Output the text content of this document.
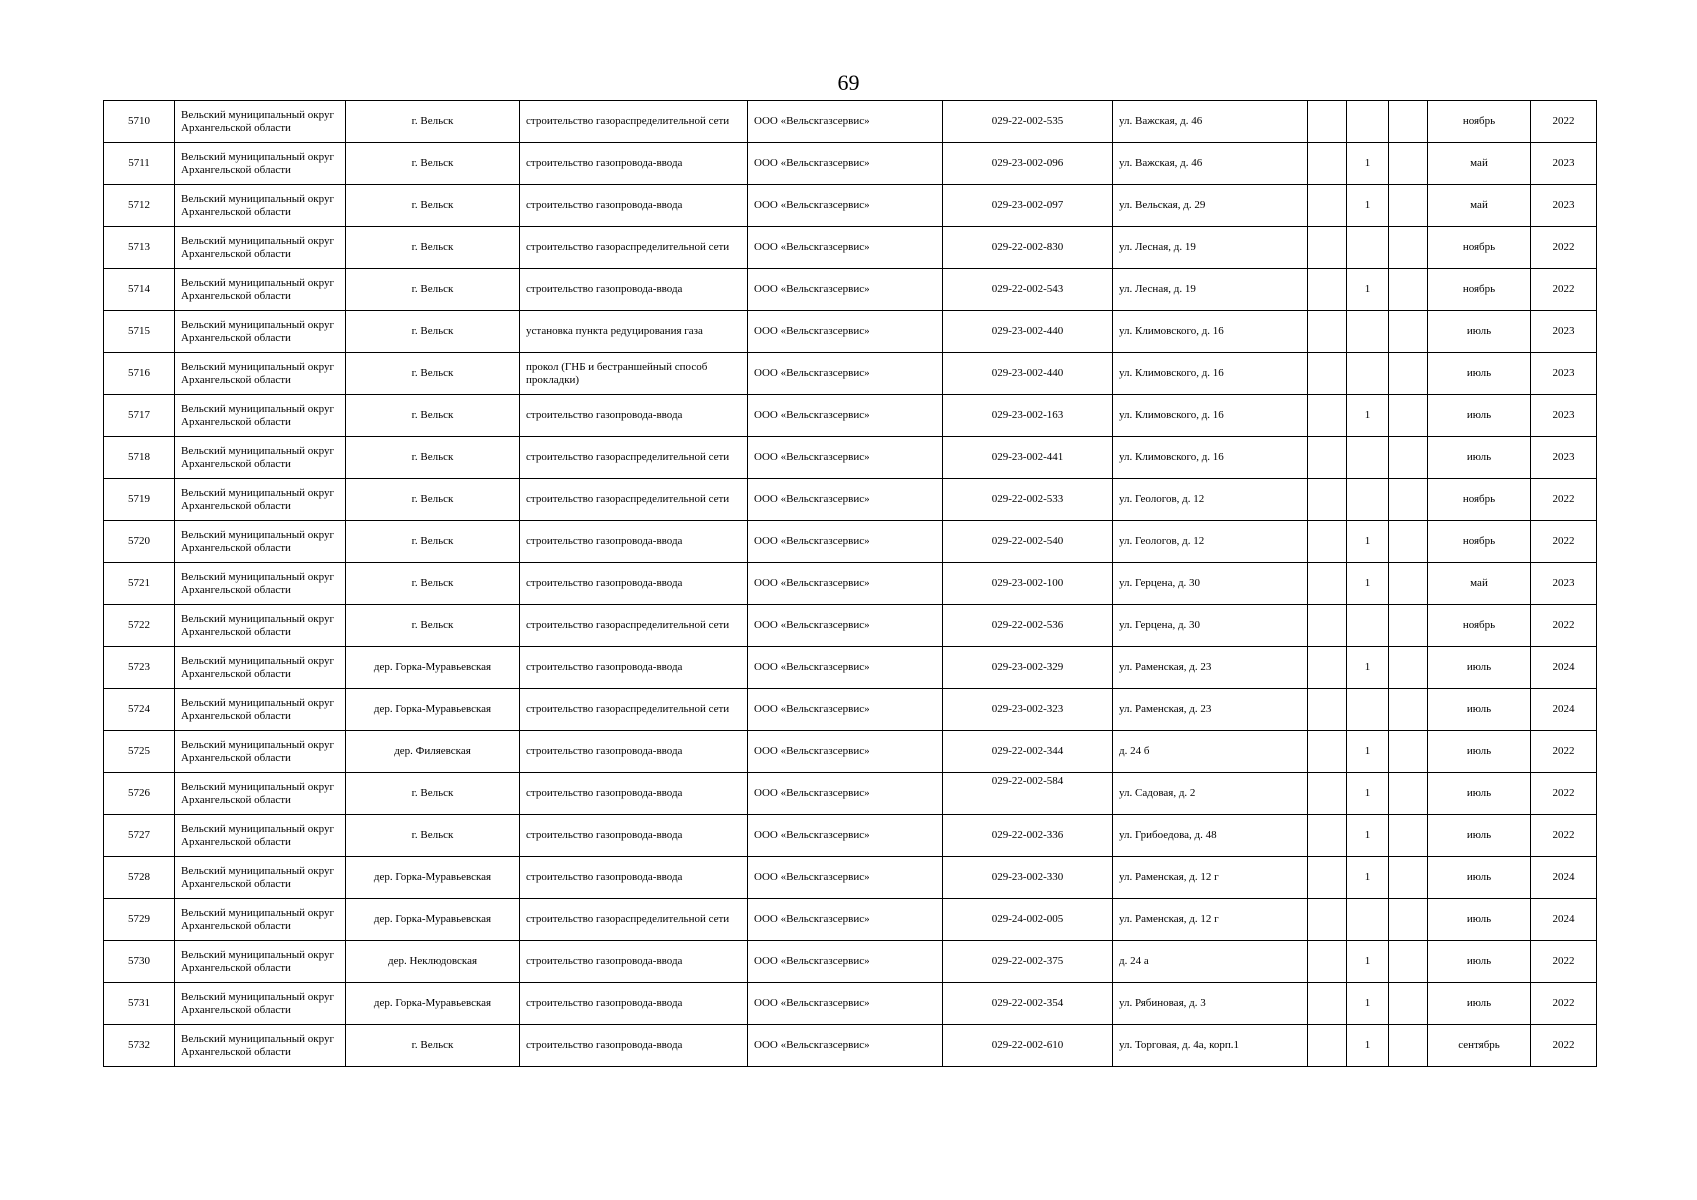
69
5710	Вельский муниципальный округ Архангельской области	г. Вельск	строительство газораспределительной сети	ООО «Вельскгазсервис»	029-22-002-535	ул. Важская, д. 46				ноябрь	2022
5711	Вельский муниципальный округ Архангельской области	г. Вельск	строительство газопровода-ввода	ООО «Вельскгазсервис»	029-23-002-096	ул. Важская, д. 46		1		май	2023
5712	Вельский муниципальный округ Архангельской области	г. Вельск	строительство газопровода-ввода	ООО «Вельскгазсервис»	029-23-002-097	ул. Вельская, д. 29		1		май	2023
5713	Вельский муниципальный округ Архангельской области	г. Вельск	строительство газораспределительной сети	ООО «Вельскгазсервис»	029-22-002-830	ул. Лесная, д. 19				ноябрь	2022
5714	Вельский муниципальный округ Архангельской области	г. Вельск	строительство газопровода-ввода	ООО «Вельскгазсервис»	029-22-002-543	ул. Лесная, д. 19		1		ноябрь	2022
5715	Вельский муниципальный округ Архангельской области	г. Вельск	установка пункта редуцирования газа	ООО «Вельскгазсервис»	029-23-002-440	ул. Климовского, д. 16				июль	2023
5716	Вельский муниципальный округ Архангельской области	г. Вельск	прокол (ГНБ и бестраншейный способ прокладки)	ООО «Вельскгазсервис»	029-23-002-440	ул. Климовского, д. 16				июль	2023
5717	Вельский муниципальный округ Архангельской области	г. Вельск	строительство газопровода-ввода	ООО «Вельскгазсервис»	029-23-002-163	ул. Климовского, д. 16		1		июль	2023
5718	Вельский муниципальный округ Архангельской области	г. Вельск	строительство газораспределительной сети	ООО «Вельскгазсервис»	029-23-002-441	ул. Климовского, д. 16				июль	2023
5719	Вельский муниципальный округ Архангельской области	г. Вельск	строительство газораспределительной сети	ООО «Вельскгазсервис»	029-22-002-533	ул. Геологов, д. 12				ноябрь	2022
5720	Вельский муниципальный округ Архангельской области	г. Вельск	строительство газопровода-ввода	ООО «Вельскгазсервис»	029-22-002-540	ул. Геологов, д. 12		1		ноябрь	2022
5721	Вельский муниципальный округ Архангельской области	г. Вельск	строительство газопровода-ввода	ООО «Вельскгазсервис»	029-23-002-100	ул. Герцена, д. 30		1		май	2023
5722	Вельский муниципальный округ Архангельской области	г. Вельск	строительство газораспределительной сети	ООО «Вельскгазсервис»	029-22-002-536	ул. Герцена, д. 30				ноябрь	2022
5723	Вельский муниципальный округ Архангельской области	дер. Горка-Муравьевская	строительство газопровода-ввода	ООО «Вельскгазсервис»	029-23-002-329	ул. Раменская, д. 23		1		июль	2024
5724	Вельский муниципальный округ Архангельской области	дер. Горка-Муравьевская	строительство газораспределительной сети	ООО «Вельскгазсервис»	029-23-002-323	ул. Раменская, д. 23				июль	2024
5725	Вельский муниципальный округ Архангельской области	дер. Филяевская	строительство газопровода-ввода	ООО «Вельскгазсервис»	029-22-002-344	д. 24 б		1		июль	2022
5726	Вельский муниципальный округ Архангельской области	г. Вельск	строительство газопровода-ввода	ООО «Вельскгазсервис»	029-22-002-584	ул. Садовая, д. 2		1		июль	2022
5727	Вельский муниципальный округ Архангельской области	г. Вельск	строительство газопровода-ввода	ООО «Вельскгазсервис»	029-22-002-336	ул. Грибоедова, д. 48		1		июль	2022
5728	Вельский муниципальный округ Архангельской области	дер. Горка-Муравьевская	строительство газопровода-ввода	ООО «Вельскгазсервис»	029-23-002-330	ул. Раменская, д. 12 г		1		июль	2024
5729	Вельский муниципальный округ Архангельской области	дер. Горка-Муравьевская	строительство газораспределительной сети	ООО «Вельскгазсервис»	029-24-002-005	ул. Раменская, д. 12 г				июль	2024
5730	Вельский муниципальный округ Архангельской области	дер. Неклюдовская	строительство газопровода-ввода	ООО «Вельскгазсервис»	029-22-002-375	д. 24 а		1		июль	2022
5731	Вельский муниципальный округ Архангельской области	дер. Горка-Муравьевская	строительство газопровода-ввода	ООО «Вельскгазсервис»	029-22-002-354	ул. Рябиновая, д. 3		1		июль	2022
5732	Вельский муниципальный округ Архангельской области	г. Вельск	строительство газопровода-ввода	ООО «Вельскгазсервис»	029-22-002-610	ул. Торговая, д. 4а, корп.1		1		сентябрь	2022
